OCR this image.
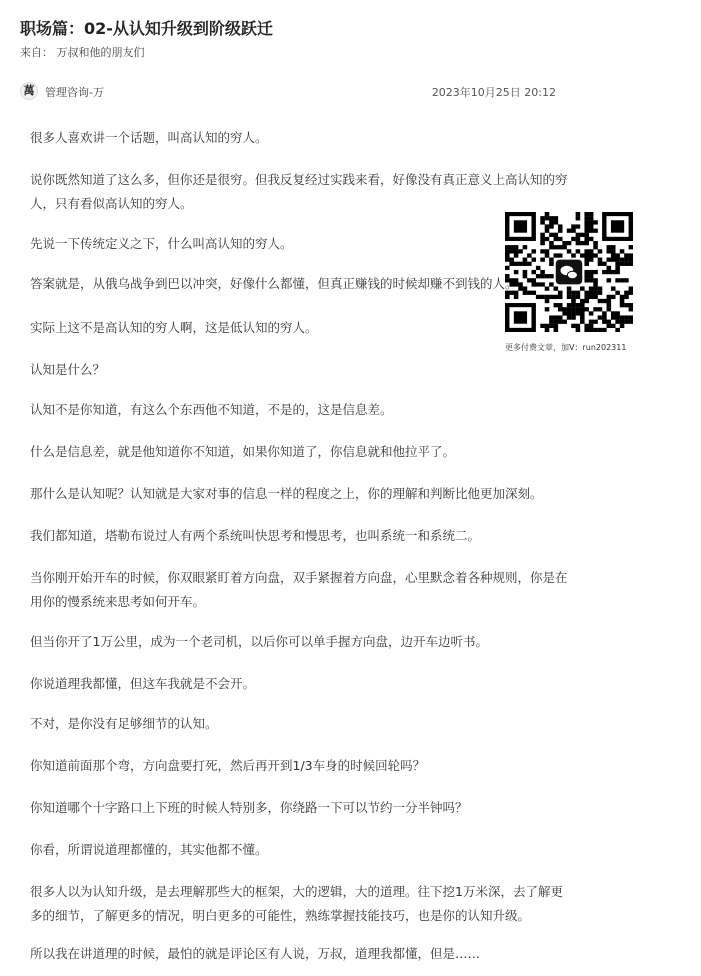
职场篇：02-从认知升级到阶级跃迁
来自： 万叔和他的朋友们
萬 管理咨询-万	2023年10月25日 20:12
更多付费文章，加V：run202311

很多人喜欢讲一个话题，叫高认知的穷人。

说你既然知道了这么多，但你还是很穷。但我反复经过实践来看，好像没有真正意义上高认知的穷
人，只有看似高认知的穷人。

先说一下传统定义之下，什么叫高认知的穷人。

答案就是，从俄乌战争到巴以冲突，好像什么都懂，但真正赚钱的时候却赚不到钱的人。

实际上这不是高认知的穷人啊，这是低认知的穷人。

认知是什么？

认知不是你知道，有这么个东西他不知道，不是的，这是信息差。

什么是信息差，就是他知道你不知道，如果你知道了，你信息就和他拉平了。

那什么是认知呢？认知就是大家对事的信息一样的程度之上，你的理解和判断比他更加深刻。

我们都知道，塔勒布说过人有两个系统叫快思考和慢思考，也叫系统一和系统二。

当你刚开始开车的时候，你双眼紧盯着方向盘，双手紧握着方向盘，心里默念着各种规则，你是在
用你的慢系统来思考如何开车。

但当你开了1万公里，成为一个老司机，以后你可以单手握方向盘，边开车边听书。

你说道理我都懂，但这车我就是不会开。

不对，是你没有足够细节的认知。

你知道前面那个弯，方向盘要打死，然后再开到1/3车身的时候回轮吗？

你知道哪个十字路口上下班的时候人特别多，你绕路一下可以节约一分半钟吗？

你看，所谓说道理都懂的，其实他都不懂。

很多人以为认知升级，是去理解那些大的框架，大的逻辑，大的道理。往下挖1万米深，去了解更
多的细节，了解更多的情况，明白更多的可能性，熟练掌握技能技巧，也是你的认知升级。

所以我在讲道理的时候，最怕的就是评论区有人说，万叔，道理我都懂，但是……
